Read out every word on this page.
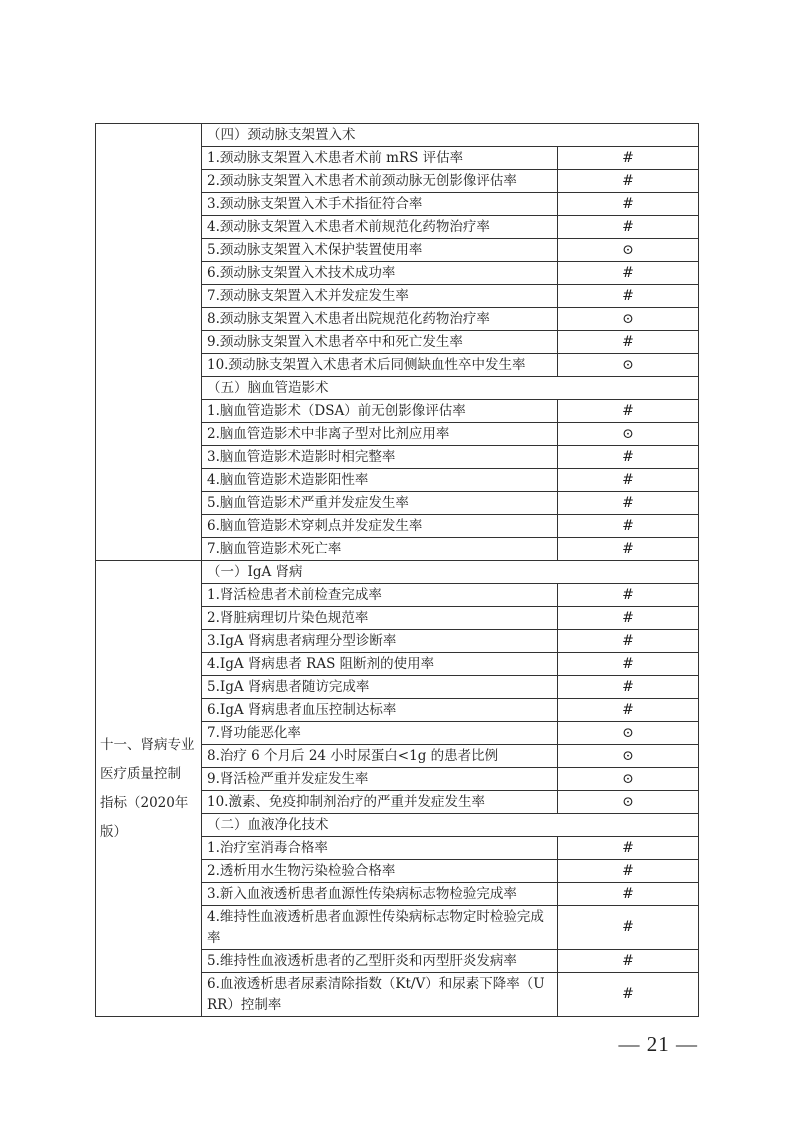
	（四）颈动脉支架置入术	
	1.颈动脉支架置入术患者术前 mRS 评估率	#
	2.颈动脉支架置入术患者术前颈动脉无创影像评估率	#
	3.颈动脉支架置入术手术指征符合率	#
	4.颈动脉支架置入术患者术前规范化药物治疗率	#
	5.颈动脉支架置入术保护装置使用率	⊙
	6.颈动脉支架置入术技术成功率	#
	7.颈动脉支架置入术并发症发生率	#
	8.颈动脉支架置入术患者出院规范化药物治疗率	⊙
	9.颈动脉支架置入术患者卒中和死亡发生率	#
	10.颈动脉支架置入术患者术后同侧缺血性卒中发生率	⊙
	（五）脑血管造影术	
	1.脑血管造影术（DSA）前无创影像评估率	#
	2.脑血管造影术中非离子型对比剂应用率	⊙
	3.脑血管造影术造影时相完整率	#
	4.脑血管造影术造影阳性率	#
	5.脑血管造影术严重并发症发生率	#
	6.脑血管造影术穿刺点并发症发生率	#
	7.脑血管造影术死亡率	#

十一、肾病专业
医疗质量控制
指标（2020年
版）	（一）IgA 肾病	
	1.肾活检患者术前检查完成率	#
	2.肾脏病理切片染色规范率	#
	3.IgA 肾病患者病理分型诊断率	#
	4.IgA 肾病患者 RAS 阻断剂的使用率	#
	5.IgA 肾病患者随访完成率	#
	6.IgA 肾病患者血压控制达标率	#
	7.肾功能恶化率	⊙
	8.治疗 6 个月后 24 小时尿蛋白<1g 的患者比例	⊙
	9.肾活检严重并发症发生率	⊙
	10.激素、免疫抑制剂治疗的严重并发症发生率	⊙
	（二）血液净化技术	
	1.治疗室消毒合格率	#
	2.透析用水生物污染检验合格率	#
	3.新入血液透析患者血源性传染病标志物检验完成率	#
	4.维持性血液透析患者血源性传染病标志物定时检验完成率	#
	5.维持性血液透析患者的乙型肝炎和丙型肝炎发病率	#
	6.血液透析患者尿素清除指数（Kt/V）和尿素下降率（URR）控制率	#
— 21 —
